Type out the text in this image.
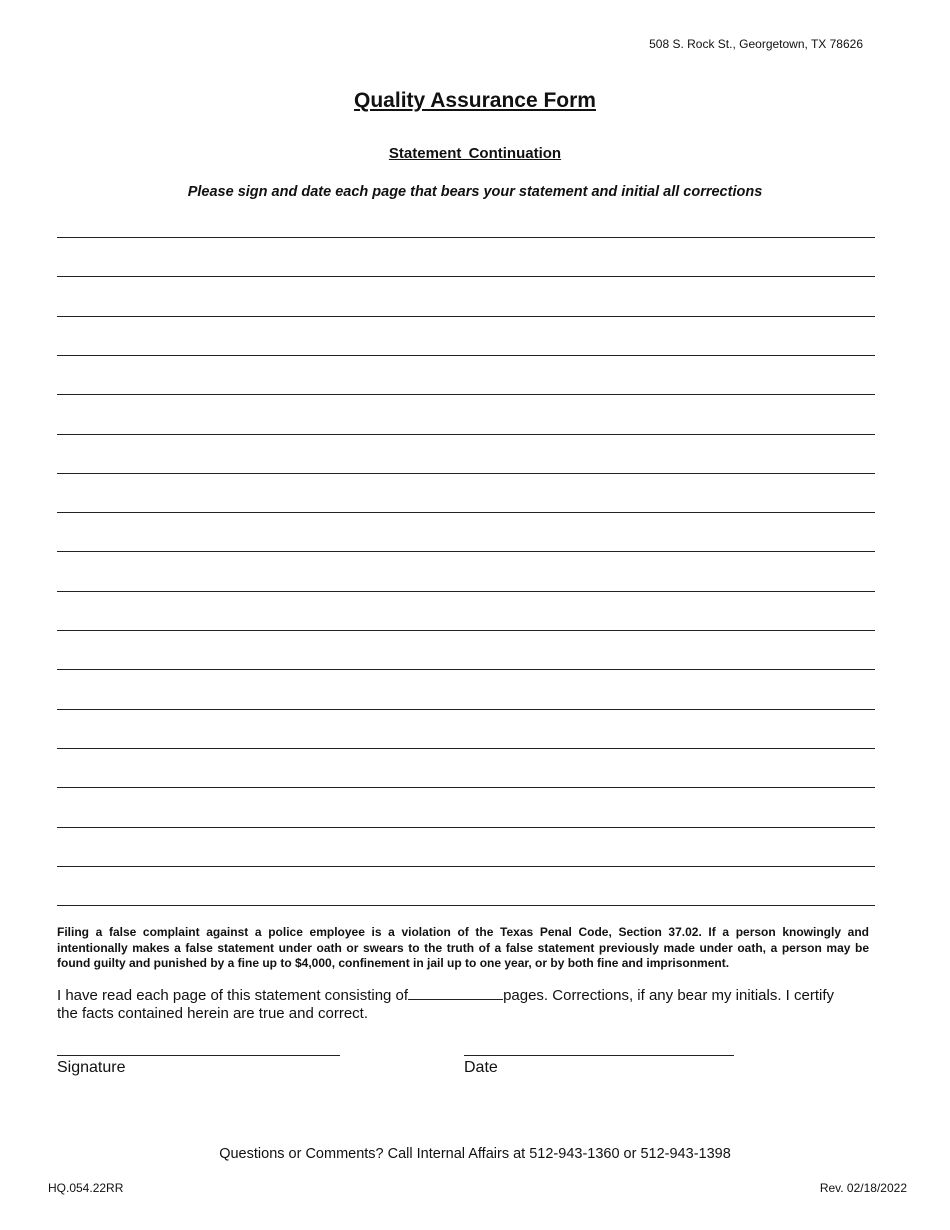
508 S. Rock St., Georgetown, TX 78626
Quality Assurance Form
Statement Continuation
Please sign and date each page that bears your statement and initial all corrections
Filing a false complaint against a police employee is a violation of the Texas Penal Code, Section 37.02. If a person knowingly and intentionally makes a false statement under oath or swears to the truth of a false statement previously made under oath, a person may be found guilty and punished by a fine up to $4,000, confinement in jail up to one year, or by both fine and imprisonment.
I have read each page of this statement consisting of	pages. Corrections, if any bear my initials. I certify the facts contained herein are true and correct.
Signature	Date
Questions or Comments? Call Internal Affairs at 512-943-1360 or 512-943-1398
HQ.054.22RR	Rev. 02/18/2022
